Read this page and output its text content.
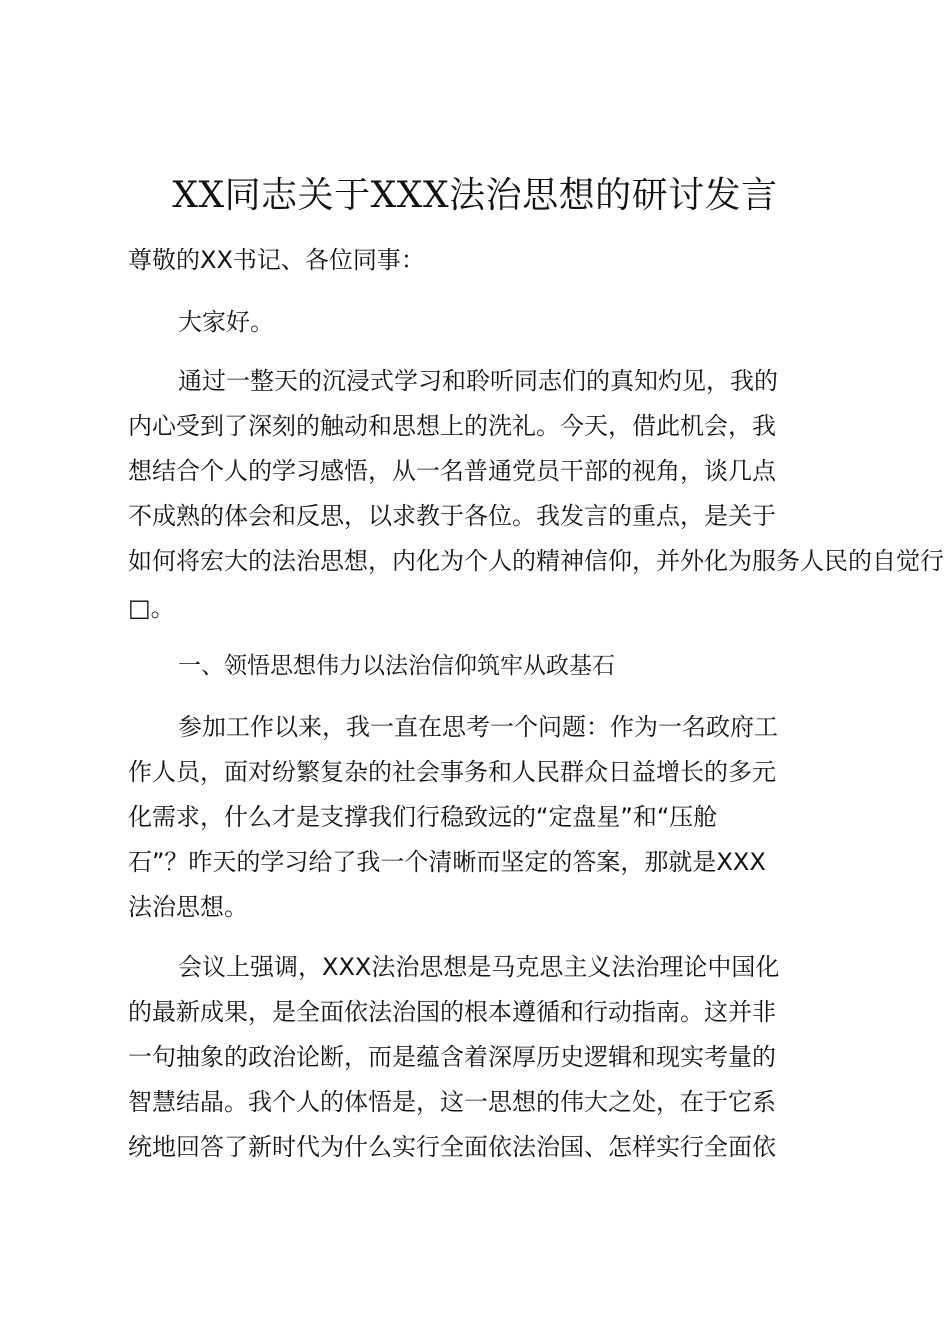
XX同志关于XXX法治思想的研讨发言
尊敬的XX书记、各位同事：
大家好。
通过一整天的沉浸式学习和聆听同志们的真知灼见，我的
内心受到了深刻的触动和思想上的洗礼。今天，借此机会，我
想结合个人的学习感悟，从一名普通党员干部的视角，谈几点
不成熟的体会和反思，以求教于各位。我发言的重点，是关于
如何将宏大的法治思想，内化为个人的精神信仰，并外化为服务人民的自觉行
□。
一、领悟思想伟力以法治信仰筑牢从政基石
参加工作以来，我一直在思考一个问题：作为一名政府工
作人员，面对纷繁复杂的社会事务和人民群众日益增长的多元
化需求，什么才是支撑我们行稳致远的“定盘星”和“压舱
石”？昨天的学习给了我一个清晰而坚定的答案，那就是XXX
法治思想。
会议上强调，XXX法治思想是马克思主义法治理论中国化
的最新成果，是全面依法治国的根本遵循和行动指南。这并非
一句抽象的政治论断，而是蕴含着深厚历史逻辑和现实考量的
智慧结晶。我个人的体悟是，这一思想的伟大之处，在于它系
统地回答了新时代为什么实行全面依法治国、怎样实行全面依
